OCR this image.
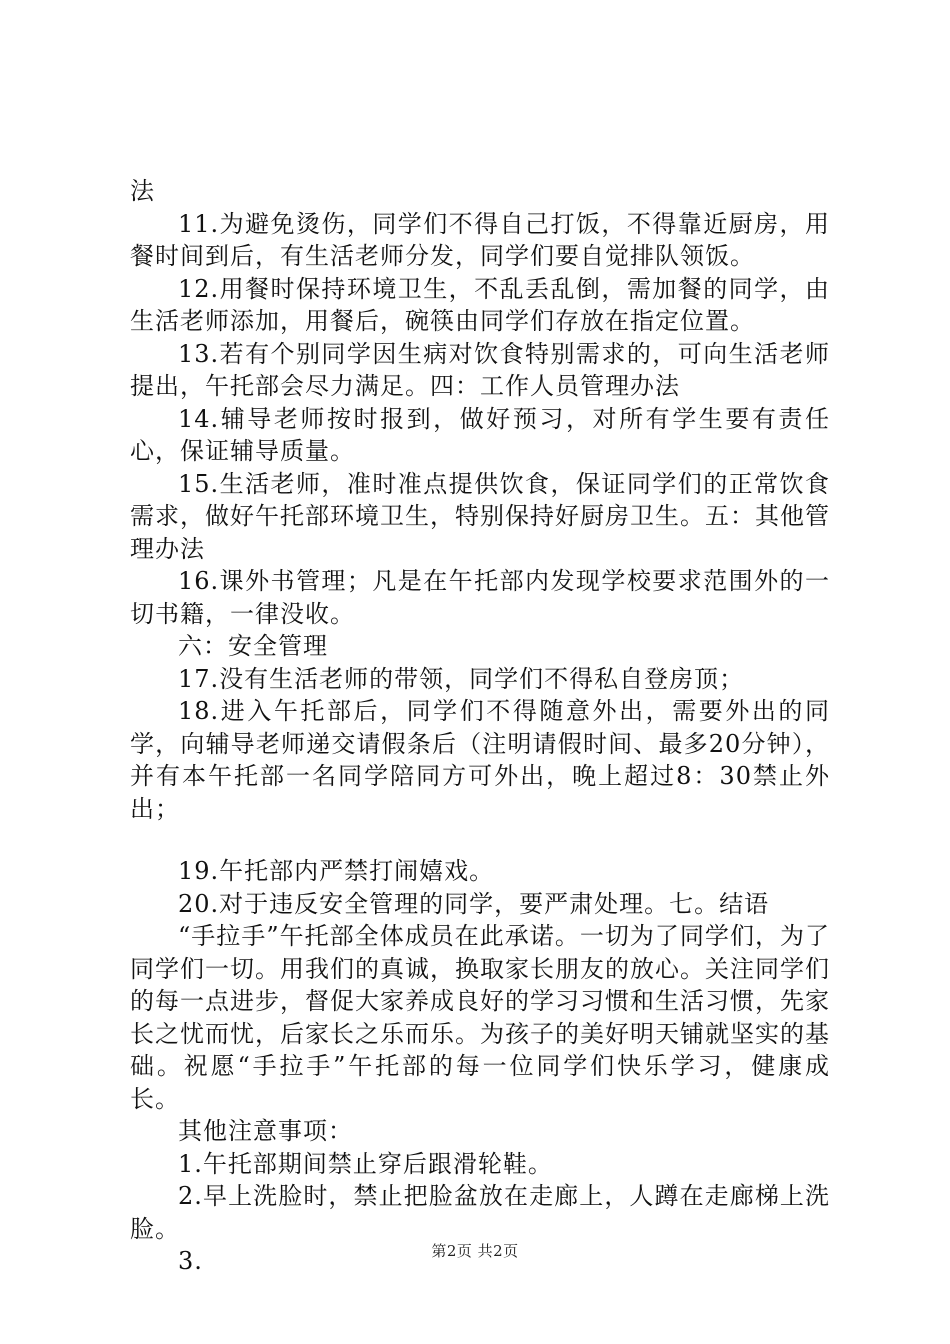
法

11.为避免烫伤，同学们不得自己打饭，不得靠近厨房，用餐时间到后，有生活老师分发，同学们要自觉排队领饭。

12.用餐时保持环境卫生，不乱丢乱倒，需加餐的同学，由生活老师添加，用餐后，碗筷由同学们存放在指定位置。

13.若有个别同学因生病对饮食特别需求的，可向生活老师提出，午托部会尽力满足。四：工作人员管理办法

14.辅导老师按时报到，做好预习，对所有学生要有责任心，保证辅导质量。

15.生活老师，准时准点提供饮食，保证同学们的正常饮食需求，做好午托部环境卫生，特别保持好厨房卫生。五：其他管理办法

16.课外书管理；凡是在午托部内发现学校要求范围外的一切书籍，一律没收。

六：安全管理

17.没有生活老师的带领，同学们不得私自登房顶；

18.进入午托部后，同学们不得随意外出，需要外出的同学，向辅导老师递交请假条后（注明请假时间、最多20分钟），并有本午托部一名同学陪同方可外出，晚上超过8：30禁止外出；

19.午托部内严禁打闹嬉戏。

20.对于违反安全管理的同学，要严肃处理。七。结语

“手拉手”午托部全体成员在此承诺。一切为了同学们，为了同学们一切。用我们的真诚，换取家长朋友的放心。关注同学们的每一点进步，督促大家养成良好的学习习惯和生活习惯，先家长之忧而忧，后家长之乐而乐。为孩子的美好明天铺就坚实的基础。祝愿“手拉手”午托部的每一位同学们快乐学习，健康成长。

其他注意事项：

1.午托部期间禁止穿后跟滑轮鞋。

2.早上洗脸时，禁止把脸盆放在走廊上，人蹲在走廊梯上洗脸。

3.	第2页 共2页
